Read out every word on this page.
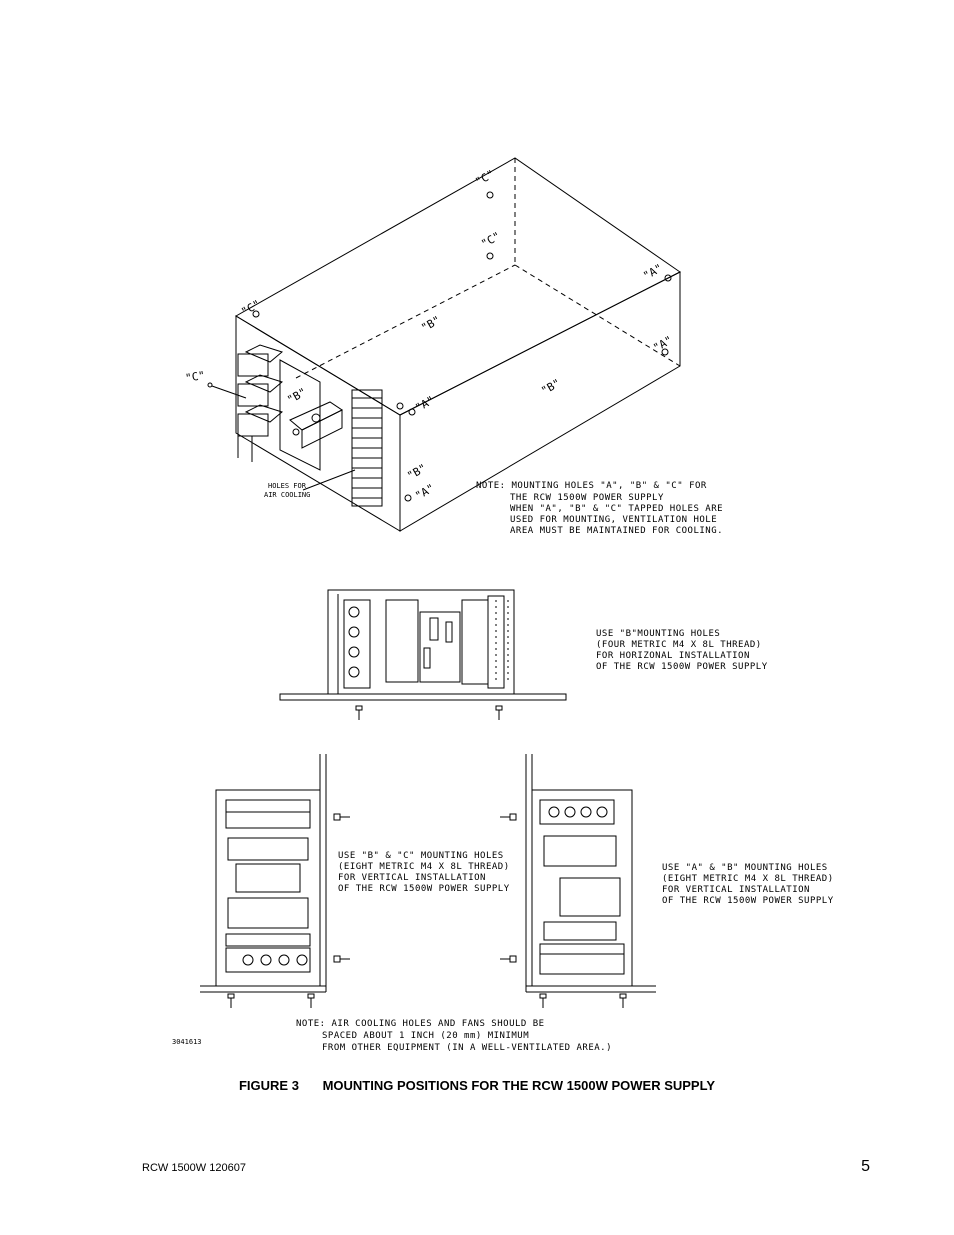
"C"
"C"
"A"
"A"
"B"
"B"
"C"
"C"
"B"	"A"
"B"
"A"
HOLES FOR
AIR COOLING
NOTE: MOUNTING HOLES "A", "B" & "C" FOR
THE RCW 1500W POWER SUPPLY
WHEN "A", "B" & "C" TAPPED HOLES ARE
USED FOR MOUNTING, VENTILATION HOLE
AREA MUST BE MAINTAINED FOR COOLING.
USE "B"MOUNTING HOLES
(FOUR METRIC M4 X 8L THREAD)
FOR HORIZONAL INSTALLATION
OF THE RCW 1500W POWER SUPPLY
USE "B" & "C" MOUNTING HOLES
(EIGHT METRIC M4 X 8L THREAD)
FOR VERTICAL INSTALLATION
OF THE RCW 1500W POWER SUPPLY
USE "A" & "B" MOUNTING HOLES
(EIGHT METRIC M4 X 8L THREAD)
FOR VERTICAL INSTALLATION
OF THE RCW 1500W POWER SUPPLY
NOTE: AIR COOLING HOLES AND FANS SHOULD BE
SPACED ABOUT 1 INCH (20 mm) MINIMUM
FROM OTHER EQUIPMENT (IN A WELL-VENTILATED AREA.)
3041613
FIGURE 3 MOUNTING POSITIONS FOR THE RCW 1500W POWER SUPPLY
RCW 1500W 120607	5
